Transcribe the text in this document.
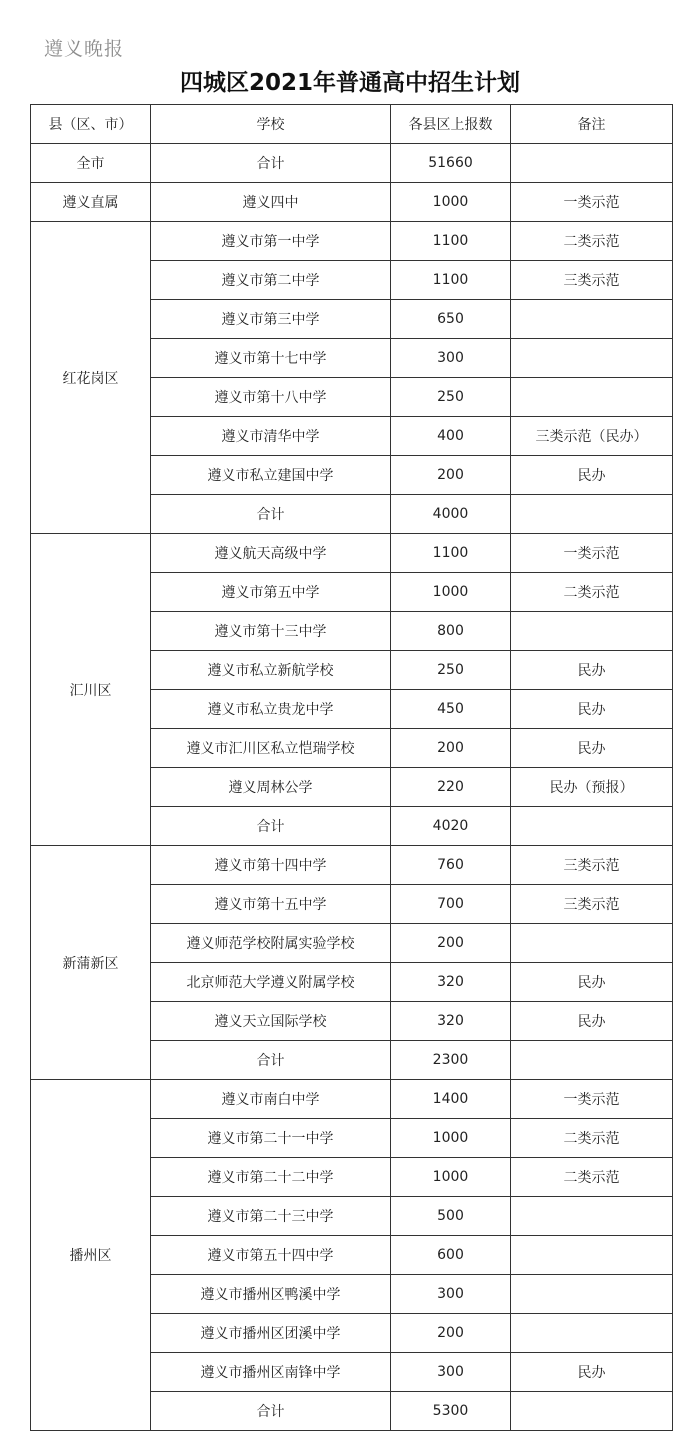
遵义晚报
四城区2021年普通高中招生计划
县（区、市）	学校	各县区上报数	备注
全市	合计	51660	
遵义直属	遵义四中	1000	一类示范
红花岗区	遵义市第一中学	1100	二类示范
	遵义市第二中学	1100	三类示范
	遵义市第三中学	650	
	遵义市第十七中学	300	
	遵义市第十八中学	250	
	遵义市清华中学	400	三类示范（民办）
	遵义市私立建国中学	200	民办
	合计	4000	
汇川区	遵义航天高级中学	1100	一类示范
	遵义市第五中学	1000	二类示范
	遵义市第十三中学	800	
	遵义市私立新航学校	250	民办
	遵义市私立贵龙中学	450	民办
	遵义市汇川区私立恺瑞学校	200	民办
	遵义周林公学	220	民办（预报）
	合计	4020	
新蒲新区	遵义市第十四中学	760	三类示范
	遵义市第十五中学	700	三类示范
	遵义师范学校附属实验学校	200	
	北京师范大学遵义附属学校	320	民办
	遵义天立国际学校	320	民办
	合计	2300	
播州区	遵义市南白中学	1400	一类示范
	遵义市第二十一中学	1000	二类示范
	遵义市第二十二中学	1000	二类示范
	遵义市第二十三中学	500	
	遵义市第五十四中学	600	
	遵义市播州区鸭溪中学	300	
	遵义市播州区团溪中学	200	
	遵义市播州区南锋中学	300	民办
	合计	5300	
